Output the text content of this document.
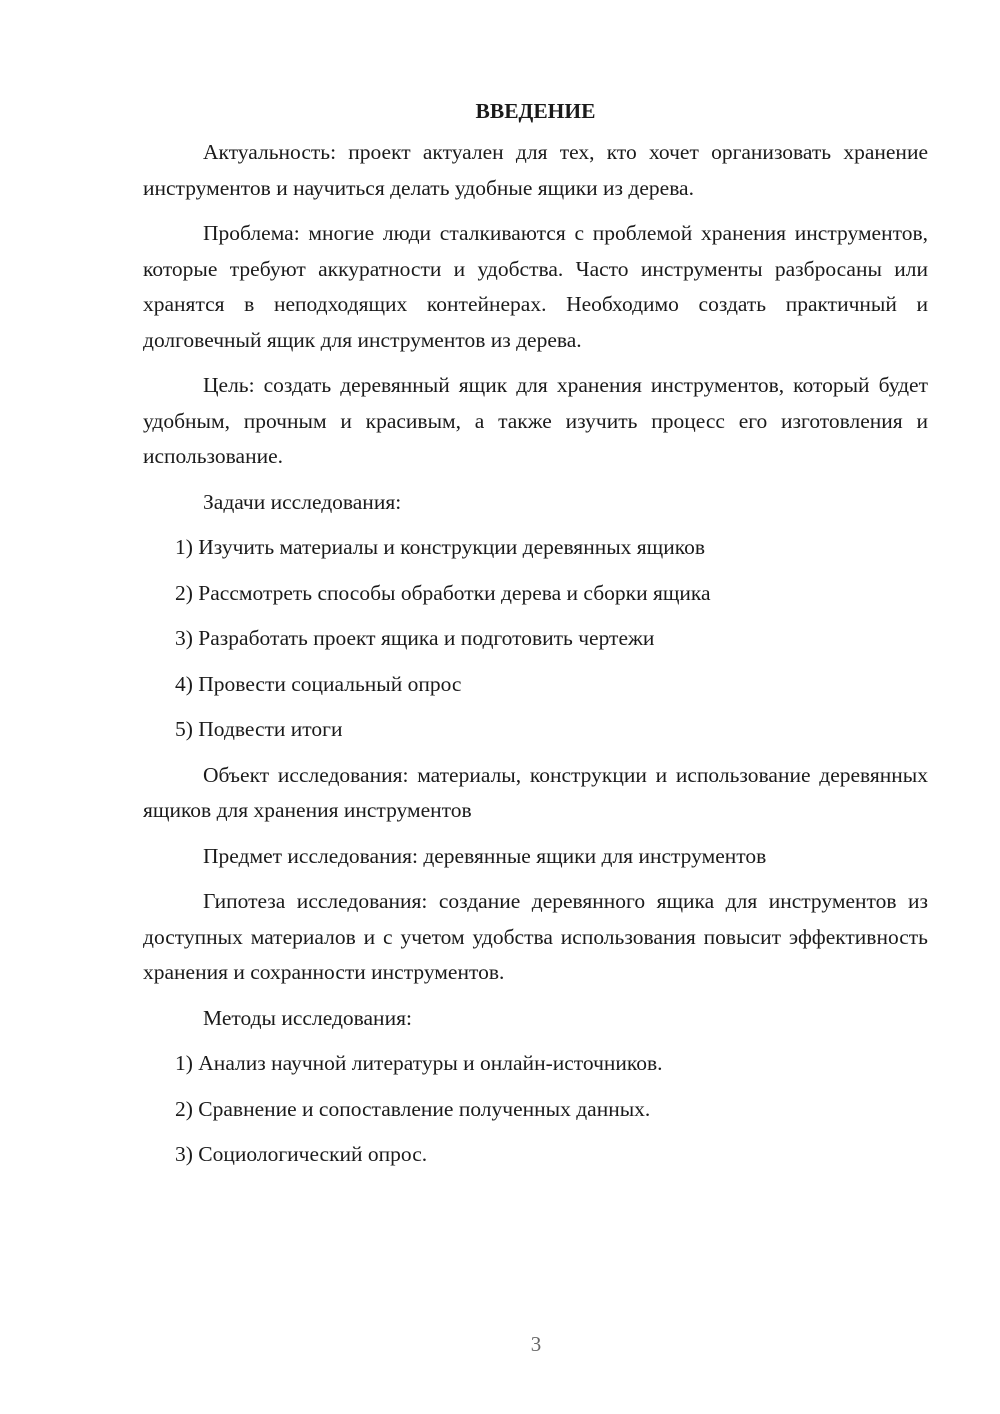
ВВЕДЕНИЕ
Актуальность: проект актуален для тех, кто хочет организовать хранение инструментов и научиться делать удобные ящики из дерева.
Проблема: многие люди сталкиваются с проблемой хранения инструментов, которые требуют аккуратности и удобства. Часто инструменты разбросаны или хранятся в неподходящих контейнерах. Необходимо создать практичный и долговечный ящик для инструментов из дерева.
Цель: создать деревянный ящик для хранения инструментов, который будет удобным, прочным и красивым, а также изучить процесс его изготовления и использование.
Задачи исследования:
1) Изучить материалы и конструкции деревянных ящиков
2) Рассмотреть способы обработки дерева и сборки ящика
3) Разработать проект ящика и подготовить чертежи
4) Провести социальный опрос
5) Подвести итоги
Объект исследования: материалы, конструкции и использование деревянных ящиков для хранения инструментов
Предмет исследования: деревянные ящики для инструментов
Гипотеза исследования: создание деревянного ящика для инструментов из доступных материалов и с учетом удобства использования повысит эффективность хранения и сохранности инструментов.
Методы исследования:
1) Анализ научной литературы и онлайн-источников.
2) Сравнение и сопоставление полученных данных.
3) Социологический опрос.
3
